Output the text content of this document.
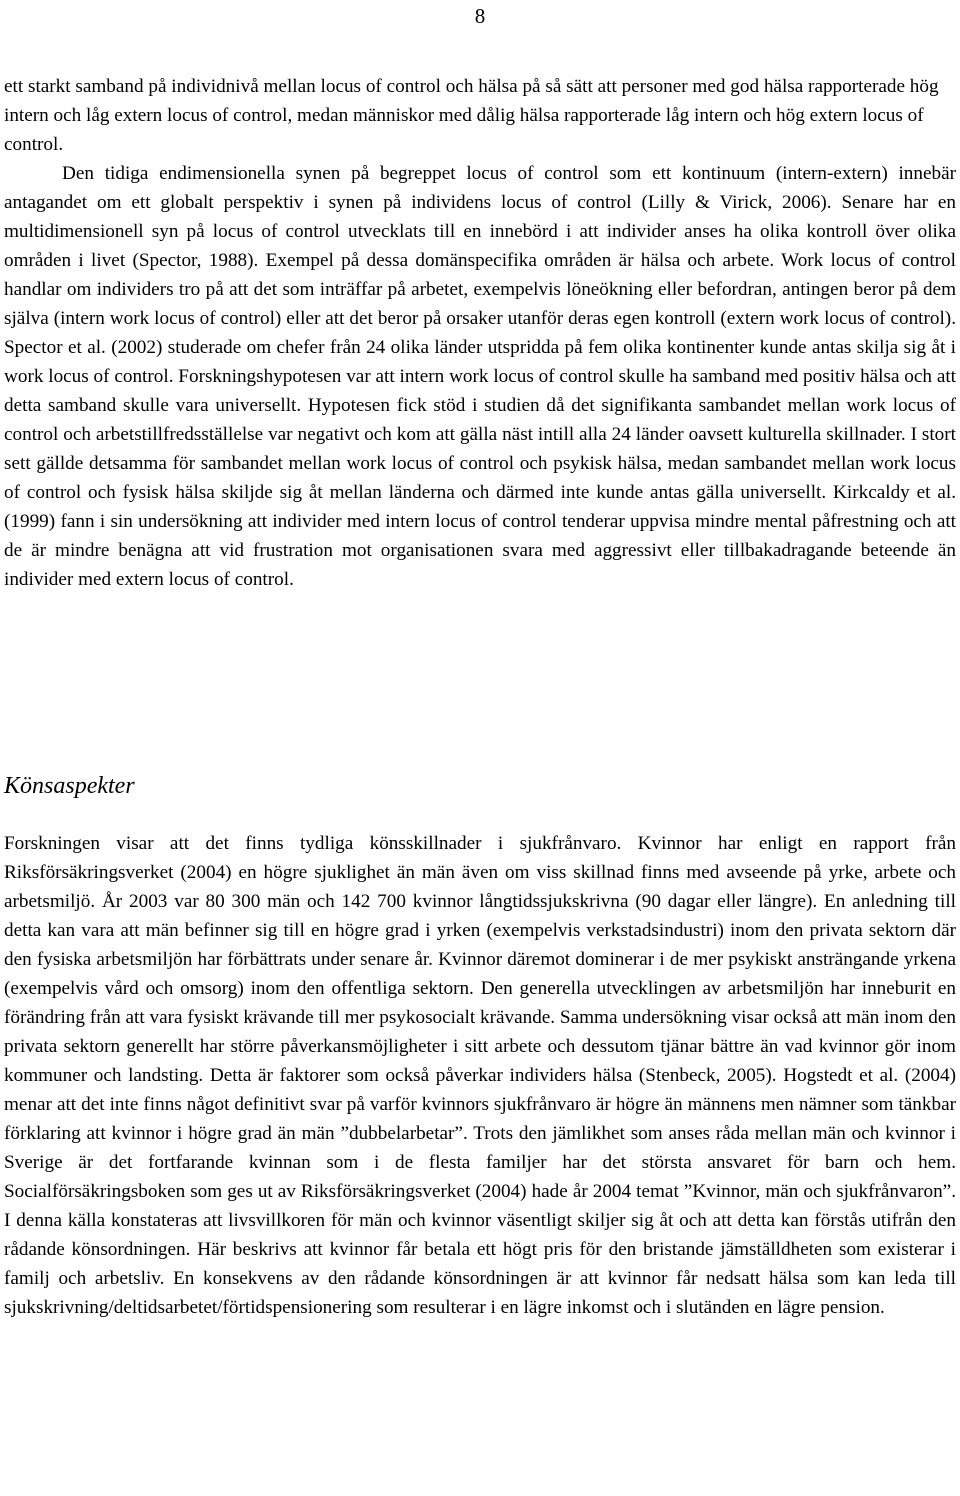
8

ett starkt samband på individnivå mellan locus of control och hälsa på så sätt att personer med god hälsa rapporterade hög intern och låg extern locus of control, medan människor med dålig hälsa rapporterade låg intern och hög extern locus of control.

Den tidiga endimensionella synen på begreppet locus of control som ett kontinuum (intern-extern) innebär antagandet om ett globalt perspektiv i synen på individens locus of control (Lilly & Virick, 2006). Senare har en multidimensionell syn på locus of control utvecklats till en innebörd i att individer anses ha olika kontroll över olika områden i livet (Spector, 1988). Exempel på dessa domänspecifika områden är hälsa och arbete. Work locus of control handlar om individers tro på att det som inträffar på arbetet, exempelvis löneökning eller befordran, antingen beror på dem själva (intern work locus of control) eller att det beror på orsaker utanför deras egen kontroll (extern work locus of control). Spector et al. (2002) studerade om chefer från 24 olika länder utspridda på fem olika kontinenter kunde antas skilja sig åt i work locus of control. Forskningshypotesen var att intern work locus of control skulle ha samband med positiv hälsa och att detta samband skulle vara universellt. Hypotesen fick stöd i studien då det signifikanta sambandet mellan work locus of control och arbetstillfredsställelse var negativt och kom att gälla näst intill alla 24 länder oavsett kulturella skillnader. I stort sett gällde detsamma för sambandet mellan work locus of control och psykisk hälsa, medan sambandet mellan work locus of control och fysisk hälsa skiljde sig åt mellan länderna och därmed inte kunde antas gälla universellt. Kirkcaldy et al. (1999) fann i sin undersökning att individer med intern locus of control tenderar uppvisa mindre mental påfrestning och att de är mindre benägna att vid frustration mot organisationen svara med aggressivt eller tillbakadragande beteende än individer med extern locus of control.

Könsaspekter

Forskningen visar att det finns tydliga könsskillnader i sjukfrånvaro. Kvinnor har enligt en rapport från Riksförsäkringsverket (2004) en högre sjuklighet än män även om viss skillnad finns med avseende på yrke, arbete och arbetsmiljö. År 2003 var 80 300 män och 142 700 kvinnor långtidssjukskrivna (90 dagar eller längre). En anledning till detta kan vara att män befinner sig till en högre grad i yrken (exempelvis verkstadsindustri) inom den privata sektorn där den fysiska arbetsmiljön har förbättrats under senare år. Kvinnor däremot dominerar i de mer psykiskt ansträngande yrkena (exempelvis vård och omsorg) inom den offentliga sektorn. Den generella utvecklingen av arbetsmiljön har inneburit en förändring från att vara fysiskt krävande till mer psykosocialt krävande. Samma undersökning visar också att män inom den privata sektorn generellt har större påverkansmöjligheter i sitt arbete och dessutom tjänar bättre än vad kvinnor gör inom kommuner och landsting. Detta är faktorer som också påverkar individers hälsa (Stenbeck, 2005). Hogstedt et al. (2004) menar att det inte finns något definitivt svar på varför kvinnors sjukfrånvaro är högre än männens men nämner som tänkbar förklaring att kvinnor i högre grad än män ”dubbelarbetar”. Trots den jämlikhet som anses råda mellan män och kvinnor i Sverige är det fortfarande kvinnan som i de flesta familjer har det största ansvaret för barn och hem. Socialförsäkringsboken som ges ut av Riksförsäkringsverket (2004) hade år 2004 temat ”Kvinnor, män och sjukfrånvaron”. I denna källa konstateras att livsvillkoren för män och kvinnor väsentligt skiljer sig åt och att detta kan förstås utifrån den rådande könsordningen. Här beskrivs att kvinnor får betala ett högt pris för den bristande jämställdheten som existerar i familj och arbetsliv. En konsekvens av den rådande könsordningen är att kvinnor får nedsatt hälsa som kan leda till sjukskrivning/deltidsarbetet/förtidspensionering som resulterar i en lägre inkomst och i slutänden en lägre pension.
